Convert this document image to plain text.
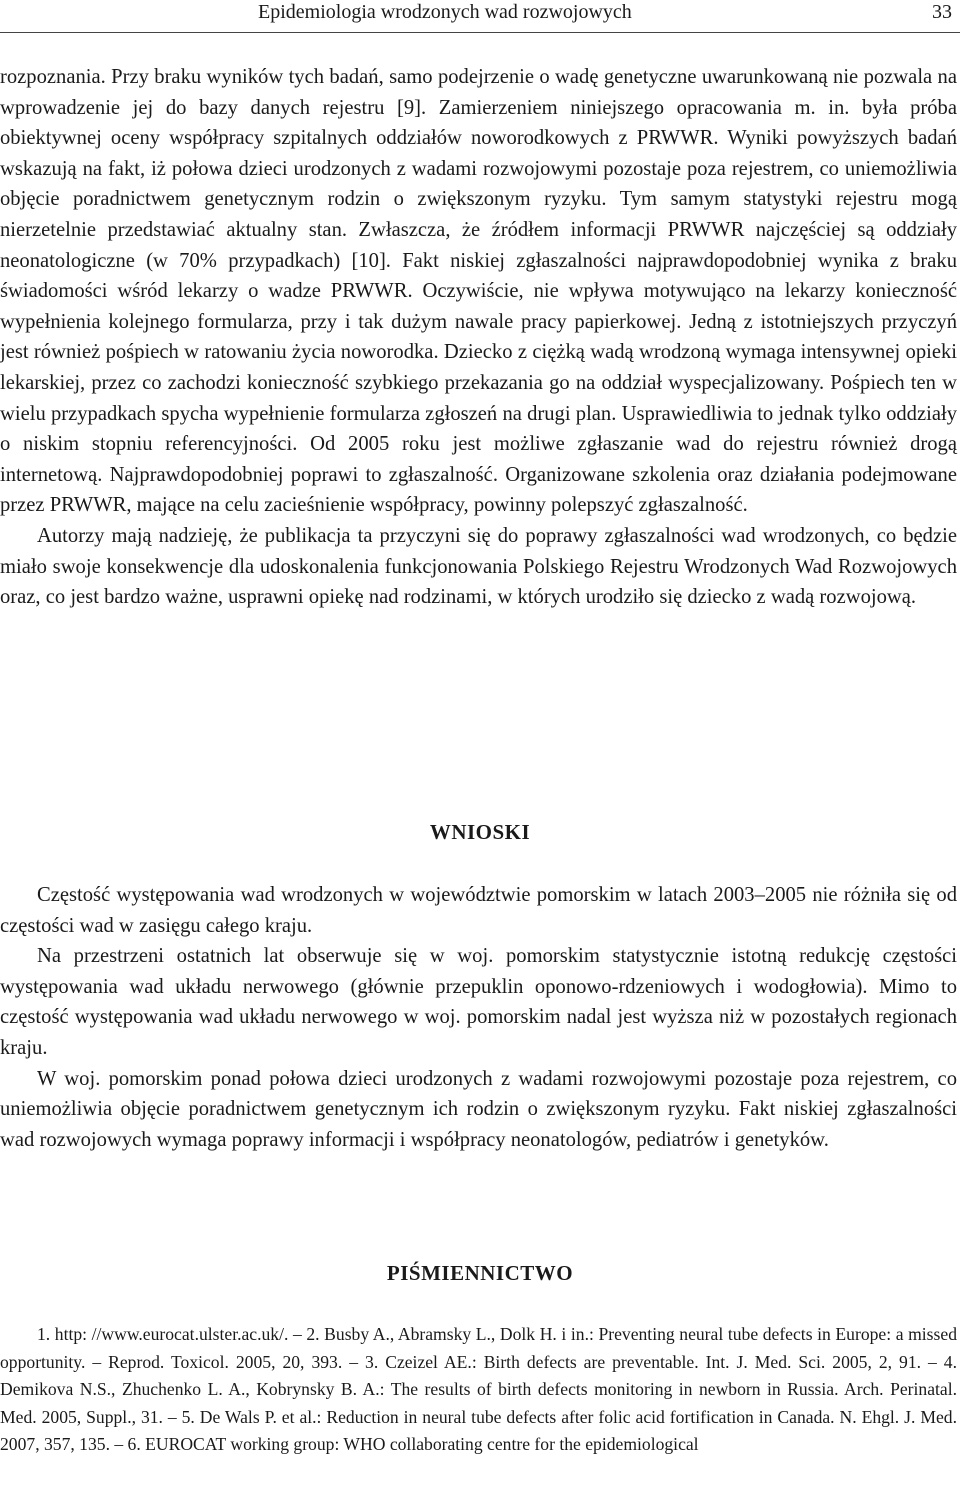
Epidemiologia wrodzonych wad rozwojowych	33

rozpoznania. Przy braku wyników tych badań, samo podejrzenie o wadę genetyczne uwarunkowaną nie pozwala na wprowadzenie jej do bazy danych rejestru [9]. Zamierzeniem niniejszego opracowania m. in. była próba obiektywnej oceny współpracy szpitalnych oddziałów noworodkowych z PRWWR. Wyniki powyższych badań wskazują na fakt, iż połowa dzieci urodzonych z wadami rozwojowymi pozostaje poza rejestrem, co uniemożliwia objęcie poradnictwem genetycznym rodzin o zwiększonym ryzyku. Tym samym statystyki rejestru mogą nierzetelnie przedstawiać aktualny stan. Zwłaszcza, że źródłem informacji PRWWR najczęściej są oddziały neonatologiczne (w 70% przypadkach) [10]. Fakt niskiej zgłaszalności najprawdopodobniej wynika z braku świadomości wśród lekarzy o wadze PRWWR. Oczywiście, nie wpływa motywująco na lekarzy konieczność wypełnienia kolejnego formularza, przy i tak dużym nawale pracy papierkowej. Jedną z istotniejszych przyczyń jest również pośpiech w ratowaniu życia noworodka. Dziecko z ciężką wadą wrodzoną wymaga intensywnej opieki lekarskiej, przez co zachodzi konieczność szybkiego przekazania go na oddział wyspecjalizowany. Pośpiech ten w wielu przypadkach spycha wypełnienie formularza zgłoszeń na drugi plan. Usprawiedliwia to jednak tylko oddziały o niskim stopniu referencyjności. Od 2005 roku jest możliwe zgłaszanie wad do rejestru również drogą internetową. Najprawdopodobniej poprawi to zgłaszalność. Organizowane szkolenia oraz działania podejmowane przez PRWWR, mające na celu zacieśnienie współpracy, powinny polepszyć zgłaszalność.

Autorzy mają nadzieję, że publikacja ta przyczyni się do poprawy zgłaszalności wad wrodzonych, co będzie miało swoje konsekwencje dla udoskonalenia funkcjonowania Polskiego Rejestru Wrodzonych Wad Rozwojowych oraz, co jest bardzo ważne, usprawni opiekę nad rodzinami, w których urodziło się dziecko z wadą rozwojową.

WNIOSKI

Częstość występowania wad wrodzonych w województwie pomorskim w latach 2003–2005 nie różniła się od częstości wad w zasięgu całego kraju.

Na przestrzeni ostatnich lat obserwuje się w woj. pomorskim statystycznie istotną redukcję częstości występowania wad układu nerwowego (głównie przepuklin oponowo-rdzeniowych i wodogłowia). Mimo to częstość występowania wad układu nerwowego w woj. pomorskim nadal jest wyższa niż w pozostałych regionach kraju.

W woj. pomorskim ponad połowa dzieci urodzonych z wadami rozwojowymi pozostaje poza rejestrem, co uniemożliwia objęcie poradnictwem genetycznym ich rodzin o zwiększonym ryzyku. Fakt niskiej zgłaszalności wad rozwojowych wymaga poprawy informacji i współpracy neonatologów, pediatrów i genetyków.

PIŚMIENNICTWO

1. http: //www.eurocat.ulster.ac.uk/. – 2. Busby A., Abramsky L., Dolk H. i in.: Preventing neural tube defects in Europe: a missed opportunity. – Reprod. Toxicol. 2005, 20, 393. – 3. Czeizel AE.: Birth defects are preventable. Int. J. Med. Sci. 2005, 2, 91. – 4. Demikova N.S., Zhuchenko L. A., Kobrynsky B. A.: The results of birth defects monitoring in newborn in Russia. Arch. Perinatal. Med. 2005, Suppl., 31. – 5. De Wals P. et al.: Reduction in neural tube defects after folic acid fortification in Canada. N. Ehgl. J. Med. 2007, 357, 135. – 6. EUROCAT working group: WHO collaborating centre for the epidemiological
